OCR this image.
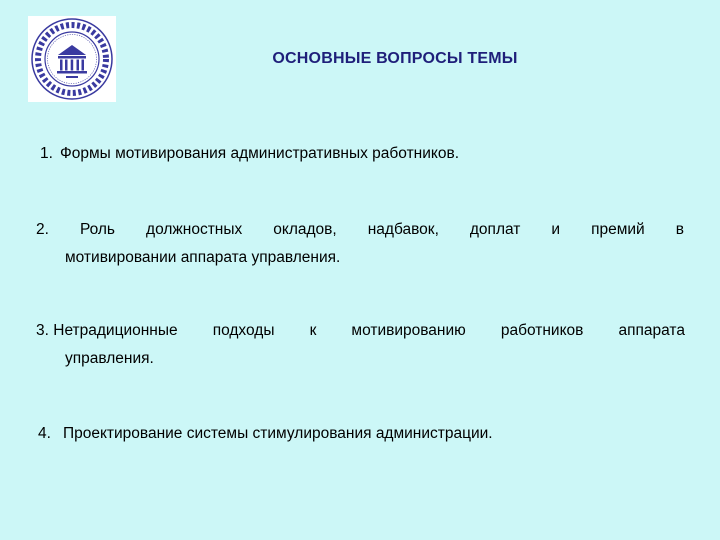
ОСНОВНЫЕ ВОПРОСЫ ТЕМЫ
1. Формы мотивирования административных работников.
2. Роль должностных окладов, надбавок, доплат и премий в
мотивировании аппарата управления.
3. Нетрадиционные подходы к мотивированию работников аппарата
управления.
4. Проектирование системы стимулирования администрации.
